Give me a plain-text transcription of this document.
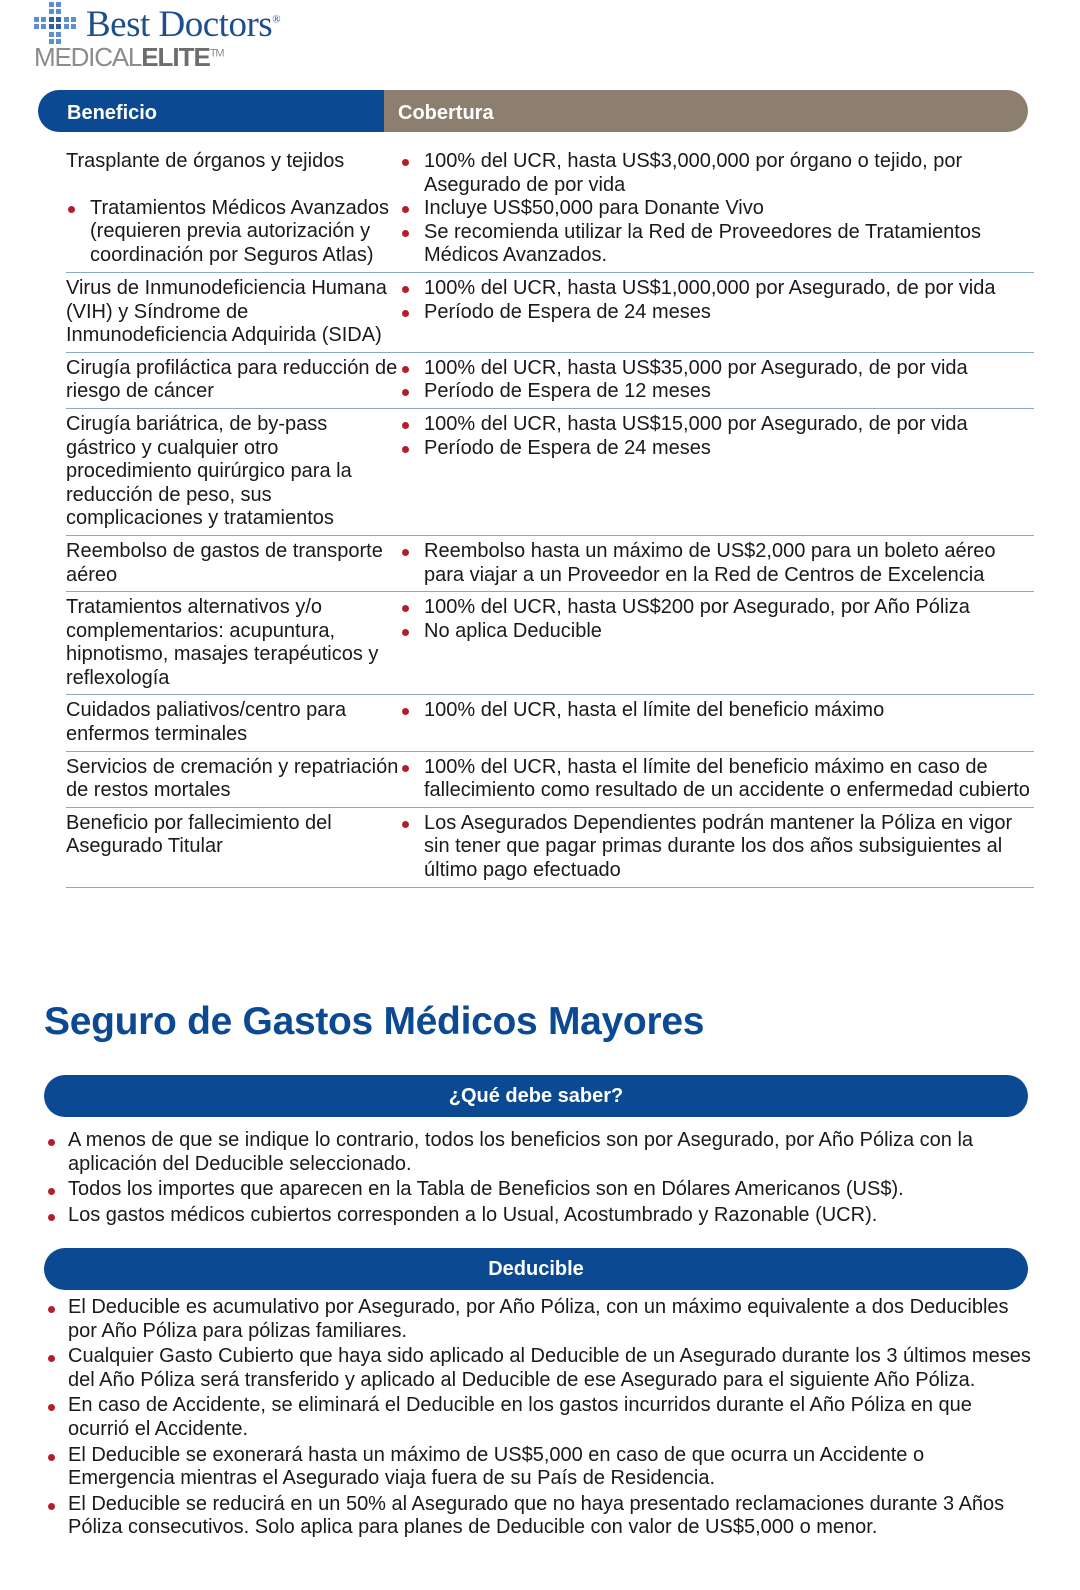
Best Doctors®
MEDICALELITE™
Cobertura
Beneficio
Trasplante de órganos y tejidos
Tratamientos Médicos Avanzados (requieren previa autorización y coordinación por Seguros Atlas)
100% del UCR, hasta US$3,000,000 por órgano o tejido, por Asegurado de por vida
Incluye US$50,000 para Donante Vivo
Se recomienda utilizar la Red de Proveedores de Tratamientos Médicos Avanzados.
Virus de Inmunodeficiencia Humana (VIH) y Síndrome de Inmunodeficiencia Adquirida (SIDA)
100% del UCR, hasta US$1,000,000 por Asegurado, de por vida
Período de Espera de 24 meses
Cirugía profiláctica para reducción de riesgo de cáncer
100% del UCR, hasta US$35,000 por Asegurado, de por vida
Período de Espera de 12 meses
Cirugía bariátrica, de by-pass gástrico y cualquier otro procedimiento quirúrgico para la reducción de peso, sus complicaciones y tratamientos
100% del UCR, hasta US$15,000 por Asegurado, de por vida
Período de Espera de 24 meses
Reembolso de gastos de transporte aéreo
Reembolso hasta un máximo de US$2,000 para un boleto aéreo para viajar a un Proveedor en la Red de Centros de Excelencia
Tratamientos alternativos y/o complementarios: acupuntura, hipnotismo, masajes terapéuticos y reflexología
100% del UCR, hasta US$200 por Asegurado, por Año Póliza
No aplica Deducible
Cuidados paliativos/centro para enfermos terminales
100% del UCR, hasta el límite del beneficio máximo
Servicios de cremación y repatriación de restos mortales
100% del UCR, hasta el límite del beneficio máximo en caso de fallecimiento como resultado de un accidente o enfermedad cubierto
Beneficio por fallecimiento del Asegurado Titular
Los Asegurados Dependientes podrán mantener la Póliza en vigor sin tener que pagar primas durante los dos años subsiguientes al último pago efectuado
Seguro de Gastos Médicos Mayores
¿Qué debe saber?
A menos de que se indique lo contrario, todos los beneficios son por Asegurado, por Año Póliza con la aplicación del Deducible seleccionado.
Todos los importes que aparecen en la Tabla de Beneficios son en Dólares Americanos (US$).
Los gastos médicos cubiertos corresponden a lo Usual, Acostumbrado y Razonable (UCR).
Deducible
El Deducible es acumulativo por Asegurado, por Año Póliza, con un máximo equivalente a dos Deducibles por Año Póliza para pólizas familiares.
Cualquier Gasto Cubierto que haya sido aplicado al Deducible de un Asegurado durante los 3 últimos meses del Año Póliza será transferido y aplicado al Deducible de ese Asegurado para el siguiente Año Póliza.
En caso de Accidente, se eliminará el Deducible en los gastos incurridos durante el Año Póliza en que ocurrió el Accidente.
El Deducible se exonerará hasta un máximo de US$5,000 en caso de que ocurra un Accidente o Emergencia mientras el Asegurado viaja fuera de su País de Residencia.
El Deducible se reducirá en un 50% al Asegurado que no haya presentado reclamaciones durante 3 Años Póliza consecutivos. Solo aplica para planes de Deducible con valor de US$5,000 o menor.
